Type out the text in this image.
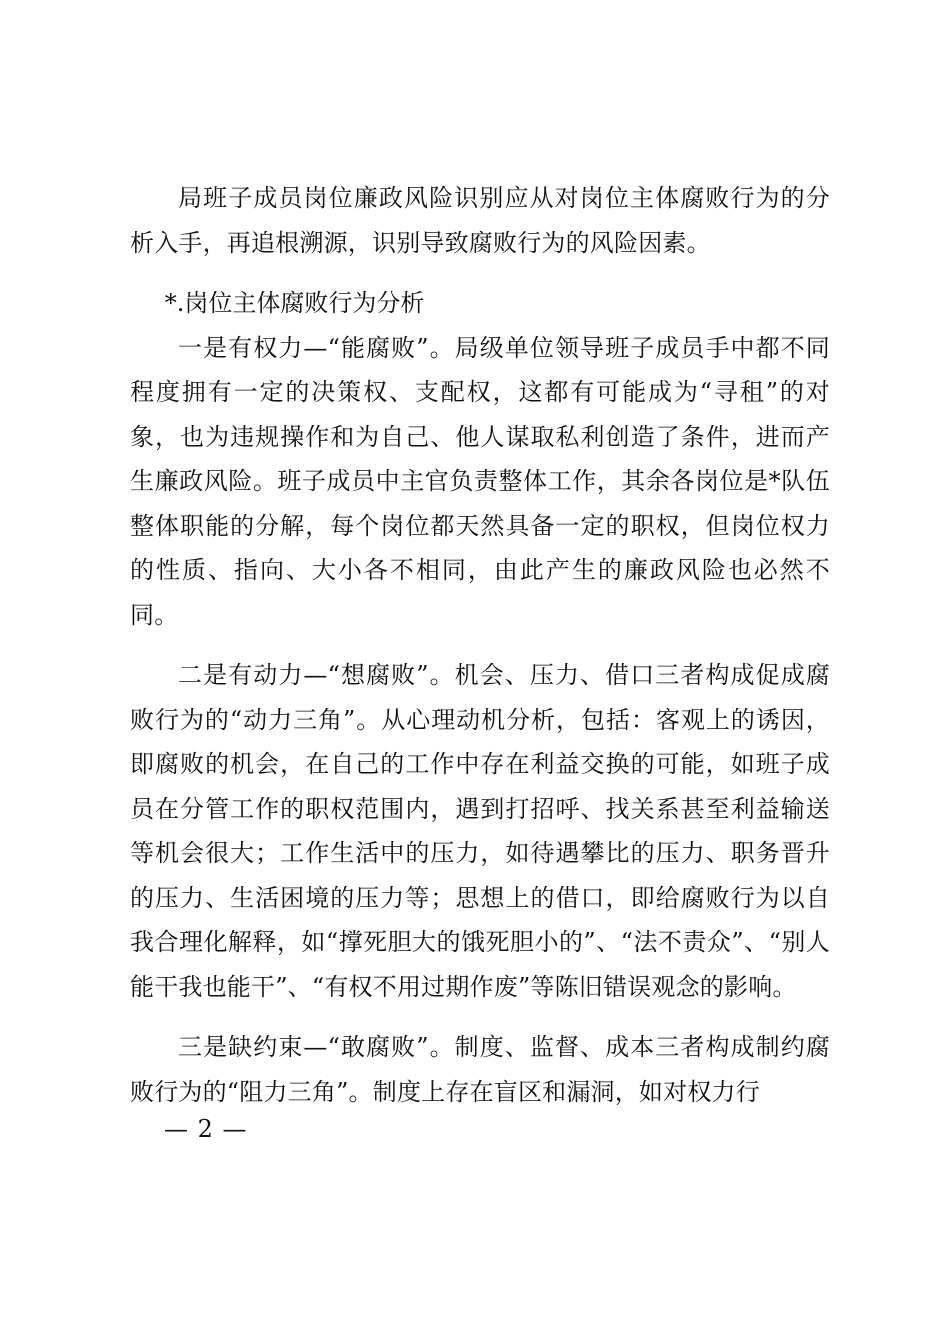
局班子成员岗位廉政风险识别应从对岗位主体腐败行为的分析入手，再追根溯源，识别导致腐败行为的风险因素。

*.岗位主体腐败行为分析

一是有权力—“能腐败”。局级单位领导班子成员手中都不同程度拥有一定的决策权、支配权，这都有可能成为“寻租”的对象，也为违规操作和为自己、他人谋取私利创造了条件，进而产生廉政风险。班子成员中主官负责整体工作，其余各岗位是*队伍整体职能的分解，每个岗位都天然具备一定的职权，但岗位权力的性质、指向、大小各不相同，由此产生的廉政风险也必然不同。

二是有动力—“想腐败”。机会、压力、借口三者构成促成腐败行为的“动力三角”。从心理动机分析，包括：客观上的诱因，即腐败的机会，在自己的工作中存在利益交换的可能，如班子成员在分管工作的职权范围内，遇到打招呼、找关系甚至利益输送等机会很大；工作生活中的压力，如待遇攀比的压力、职务晋升的压力、生活困境的压力等；思想上的借口，即给腐败行为以自我合理化解释，如“撑死胆大的饿死胆小的”、“法不责众”、“别人能干我也能干”、“有权不用过期作废”等陈旧错误观念的影响。

三是缺约束—“敢腐败”。制度、监督、成本三者构成制约腐败行为的“阻力三角”。制度上存在盲区和漏洞，如对权力行

— 2 —
